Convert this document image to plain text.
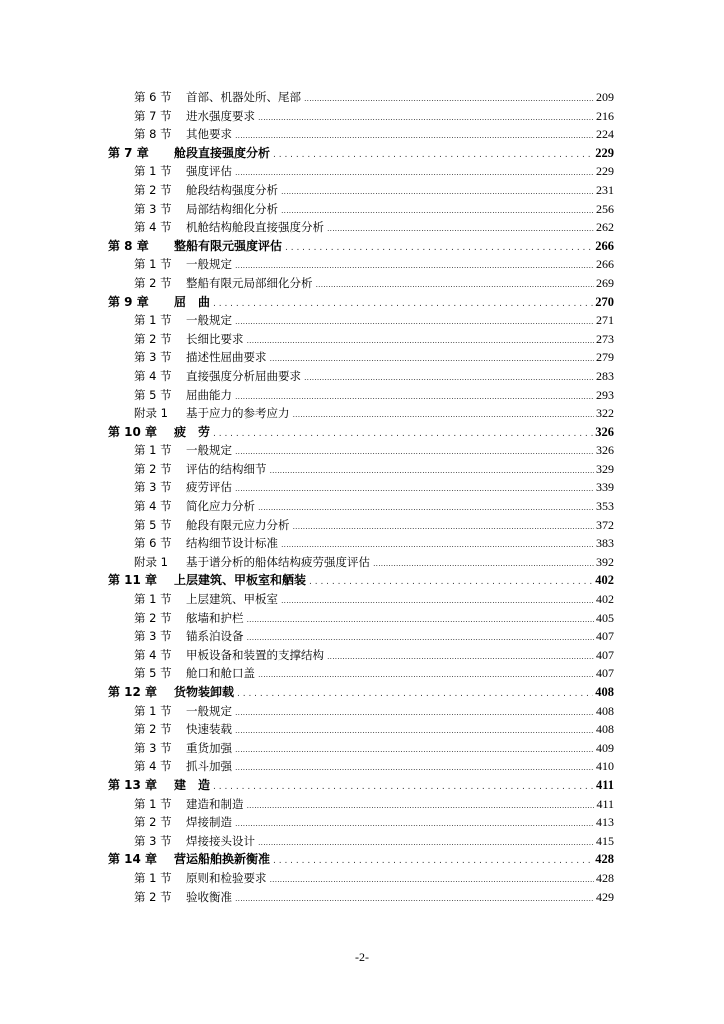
第 6 节	首部、机器处所、尾部 .....	209
第 7 节	进水强度要求 .....	216
第 8 节	其他要求 .....	224
第 7 章	舱段直接强度分析 . . .	229
第 1 节	强度评估 .....	229
第 2 节	舱段结构强度分析 .....	231
第 3 节	局部结构细化分析 .....	256
第 4 节	机舱结构舱段直接强度分析 .....	262
第 8 章	整船有限元强度评估 . . .	266
第 1 节	一般规定 .....	266
第 2 节	整船有限元局部细化分析 .....	269
第 9 章	屈　曲 . . .	270
第 1 节	一般规定 .....	271
第 2 节	长细比要求 .....	273
第 3 节	描述性屈曲要求 .....	279
第 4 节	直接强度分析屈曲要求 .....	283
第 5 节	屈曲能力 .....	293
附录 1	基于应力的参考应力 .....	322
第 10 章	疲　劳 . . .	326
第 1 节	一般规定 .....	326
第 2 节	评估的结构细节 .....	329
第 3 节	疲劳评估 .....	339
第 4 节	简化应力分析 .....	353
第 5 节	舱段有限元应力分析 .....	372
第 6 节	结构细节设计标准 .....	383
附录 1	基于谱分析的船体结构疲劳强度评估 .....	392
第 11 章	上层建筑、甲板室和舾装 . . .	402
第 1 节	上层建筑、甲板室 .....	402
第 2 节	舷墙和护栏 .....	405
第 3 节	锚系泊设备 .....	407
第 4 节	甲板设备和装置的支撑结构 .....	407
第 5 节	舱口和舱口盖 .....	407
第 12 章	货物装卸载 . . .	408
第 1 节	一般规定 .....	408
第 2 节	快速装载 .....	408
第 3 节	重货加强 .....	409
第 4 节	抓斗加强 .....	410
第 13 章	建　造 . . .	411
第 1 节	建造和制造 .....	411
第 2 节	焊接制造 .....	413
第 3 节	焊接接头设计 .....	415
第 14 章	营运船舶换新衡准 . . .	428
第 1 节	原则和检验要求 .....	428
第 2 节	验收衡准 .....	429
-2-
